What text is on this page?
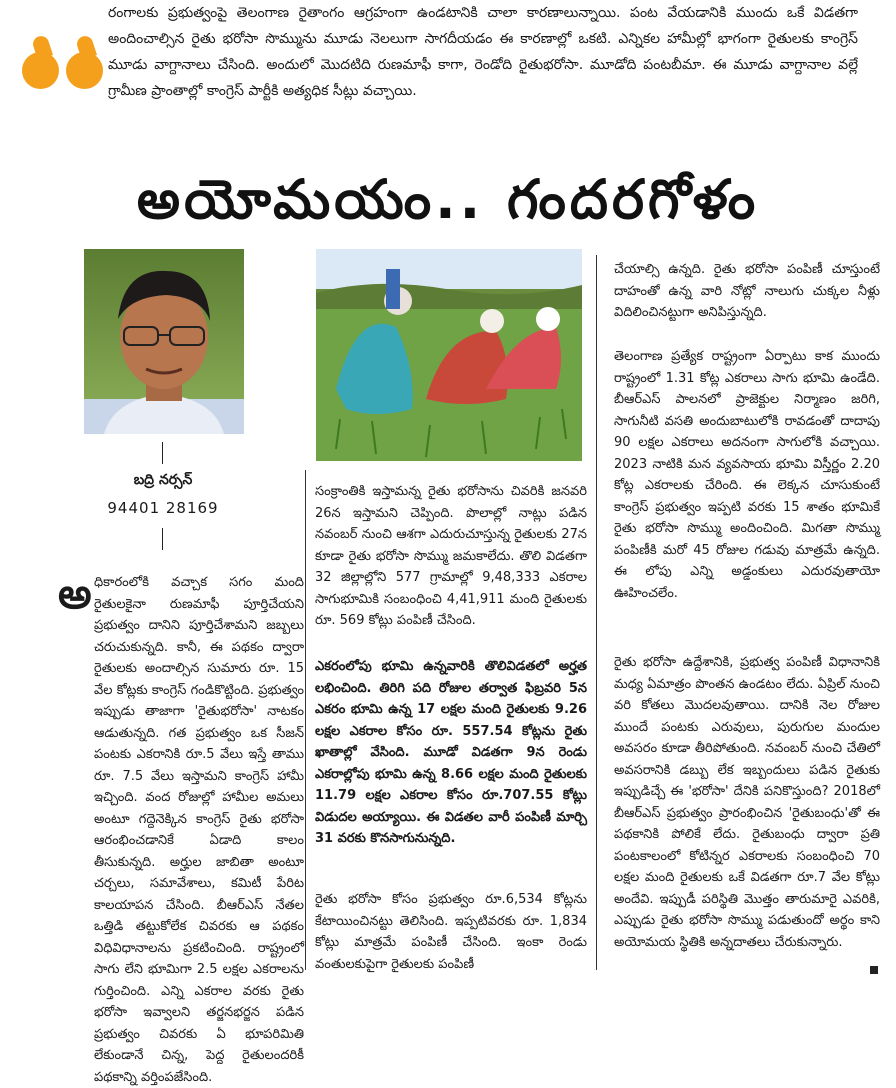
రంగాలకు ప్రభుత్వంపై తెలంగాణ రైతాంగం ఆగ్రహంగా ఉండటానికి చాలా కారణాలున్నాయి. పంట వేయడానికి ముందు ఒకే విడతగా అందించాల్సిన రైతు భరోసా సొమ్మును మూడు నెలలుగా సాగదీయడం ఈ కారణాల్లో ఒకటి. ఎన్నికల హామీల్లో భాగంగా రైతులకు కాంగ్రెస్ మూడు వాగ్దానాలు చేసింది. అందులో మొదటిది రుణమాఫీ కాగా, రెండోది రైతుభరోసా. మూడోది పంటబీమా. ఈ మూడు వాగ్దానాల వల్లే గ్రామీణ ప్రాంతాల్లో కాంగ్రెస్ పార్టీకి అత్యధిక సీట్లు వచ్చాయి.
అయోమయం.. గందరగోళం
బద్రి నర్సన్
94401 28169
అ ధికారంలోకి వచ్చాక సగం మంది రైతులకైనా రుణమాఫీ పూర్తిచేయని ప్రభుత్వం దానిని పూర్తిచేశామని జబ్బలు చరుచుకున్నది. కానీ, ఈ పథకం ద్వారా రైతులకు అందాల్సిన సుమారు రూ. 15 వేల కోట్లకు కాంగ్రెస్ గండికొట్టింది. ప్రభుత్వం ఇప్పుడు తాజాగా 'రైతుభరోసా' నాటకం ఆడుతున్నది. గత ప్రభుత్వం ఒక సీజన్ పంటకు ఎకరానికి రూ.5 వేలు ఇస్తే తాము రూ. 7.5 వేలు ఇస్తామని కాంగ్రెస్ హామీ ఇచ్చింది. వంద రోజుల్లో హామీల అమలు అంటూ గద్దెనెక్కిన కాంగ్రెస్ రైతు భరోసా ఆరంభించడానికే ఏడాది కాలం తీసుకున్నది. అర్హుల జాబితా అంటూ చర్చలు, సమావేశాలు, కమిటీ పేరిట కాలయాపన చేసింది. బీఆర్ఎస్ నేతల ఒత్తిడి తట్టుకోలేక చివరకు ఆ పథకం విధివిధానాలను ప్రకటించింది. రాష్ట్రంలో సాగు లేని భూమిగా 2.5 లక్షల ఎకరాలను గుర్తించింది. ఎన్ని ఎకరాల వరకు రైతు భరోసా ఇవ్వాలని తర్జనభర్జన పడిన ప్రభుత్వం చివరకు ఏ భూపరిమితి లేకుండానే చిన్న, పెద్ద రైతులందరికీ పథకాన్ని వర్తింపజేసింది.
సంక్రాంతికి ఇస్తామన్న రైతు భరోసాను చివరికి జనవరి 26న ఇస్తామని చెప్పింది. పొలాల్లో నాట్లు పడిన నవంబర్ నుంచి ఆశగా ఎదురుచూస్తున్న రైతులకు 27న కూడా రైతు భరోసా సొమ్ము జమకాలేదు. తొలి విడతగా 32 జిల్లాల్లోని 577 గ్రామాల్లో 9,48,333 ఎకరాల సాగుభూమికి సంబంధించి 4,41,911 మంది రైతులకు రూ. 569 కోట్లు పంపిణీ చేసింది.
ఎకరంలోపు భూమి ఉన్నవారికి తొలివిడతలో అర్హత లభించింది. తిరిగి పది రోజుల తర్వాత ఫిబ్రవరి 5న ఎకరం భూమి ఉన్న 17 లక్షల మంది రైతులకు 9.26 లక్షల ఎకరాల కోసం రూ. 557.54 కోట్లను రైతు ఖాతాల్లో వేసింది. మూడో విడతగా 9న రెండు ఎకరాల్లోపు భూమి ఉన్న 8.66 లక్షల మంది రైతులకు 11.79 లక్షల ఎకరాల కోసం రూ.707.55 కోట్లు విడుదల అయ్యాయి. ఈ విడతల వారీ పంపిణీ మార్చి 31 వరకు కొనసాగునున్నది.
రైతు భరోసా కోసం ప్రభుత్వం రూ.6,534 కోట్లను కేటాయించినట్టు తెలిసింది. ఇప్పటివరకు రూ. 1,834 కోట్లు మాత్రమే పంపిణీ చేసింది. ఇంకా రెండు వంతులకుపైగా రైతులకు పంపిణీ
చేయాల్సి ఉన్నది. రైతు భరోసా పంపిణీ చూస్తుంటే దాహంతో ఉన్న వారి నోట్లో నాలుగు చుక్కల నీళ్లు విదిలించినట్టుగా అనిపిస్తున్నది.
తెలంగాణ ప్రత్యేక రాష్ట్రంగా ఏర్పాటు కాక ముందు రాష్ట్రంలో 1.31 కోట్ల ఎకరాలు సాగు భూమి ఉండేది. బీఆర్ఎస్ పాలనలో ప్రాజెక్టుల నిర్మాణం జరిగి, సాగునీటి వసతి అందుబాటులోకి రావడంతో దాదాపు 90 లక్షల ఎకరాలు అదనంగా సాగులోకి వచ్చాయి. 2023 నాటికి మన వ్యవసాయ భూమి విస్తీర్ణం 2.20 కోట్ల ఎకరాలకు చేరింది. ఈ లెక్కన చూసుకుంటే కాంగ్రెస్ ప్రభుత్వం ఇప్పటి వరకు 15 శాతం భూమికే రైతు భరోసా సొమ్ము అందించింది. మిగతా సొమ్ము పంపిణీకి మరో 45 రోజుల గడువు మాత్రమే ఉన్నది. ఈ లోపు ఎన్ని అడ్డంకులు ఎదురవుతాయో ఊహించలేం.
రైతు భరోసా ఉద్దేశానికి, ప్రభుత్వ పంపిణీ విధానానికి మధ్య ఏమాత్రం పొంతన ఉండటం లేదు. ఏప్రిల్ నుంచి వరి కోతలు మొదలవుతాయి. దానికి నెల రోజుల ముందే పంటకు ఎరువులు, పురుగుల మందుల అవసరం కూడా తీరిపోతుంది. నవంబర్ నుంచి చేతిలో అవసరానికి డబ్బు లేక ఇబ్బందులు పడిన రైతుకు ఇప్పుడిచ్చే ఈ 'భరోసా' దేనికి పనికొస్తుంది? 2018లో బీఆర్ఎస్ ప్రభుత్వం ప్రారంభించిన 'రైతుబంధు'తో ఈ పథకానికి పోలికే లేదు. రైతుబంధు ద్వారా ప్రతి పంటకాలంలో కోటిన్నర ఎకరాలకు సంబంధించి 70 లక్షల మంది రైతులకు ఒకే విడతగా రూ.7 వేల కోట్లు అందేవి. ఇప్పుడీ పరిస్థితి మొత్తం తారుమారై ఎవరికి, ఎప్పుడు రైతు భరోసా సొమ్ము పడుతుందో అర్థం కాని అయోమయ స్థితికి అన్నదాతలు చేరుకున్నారు.
